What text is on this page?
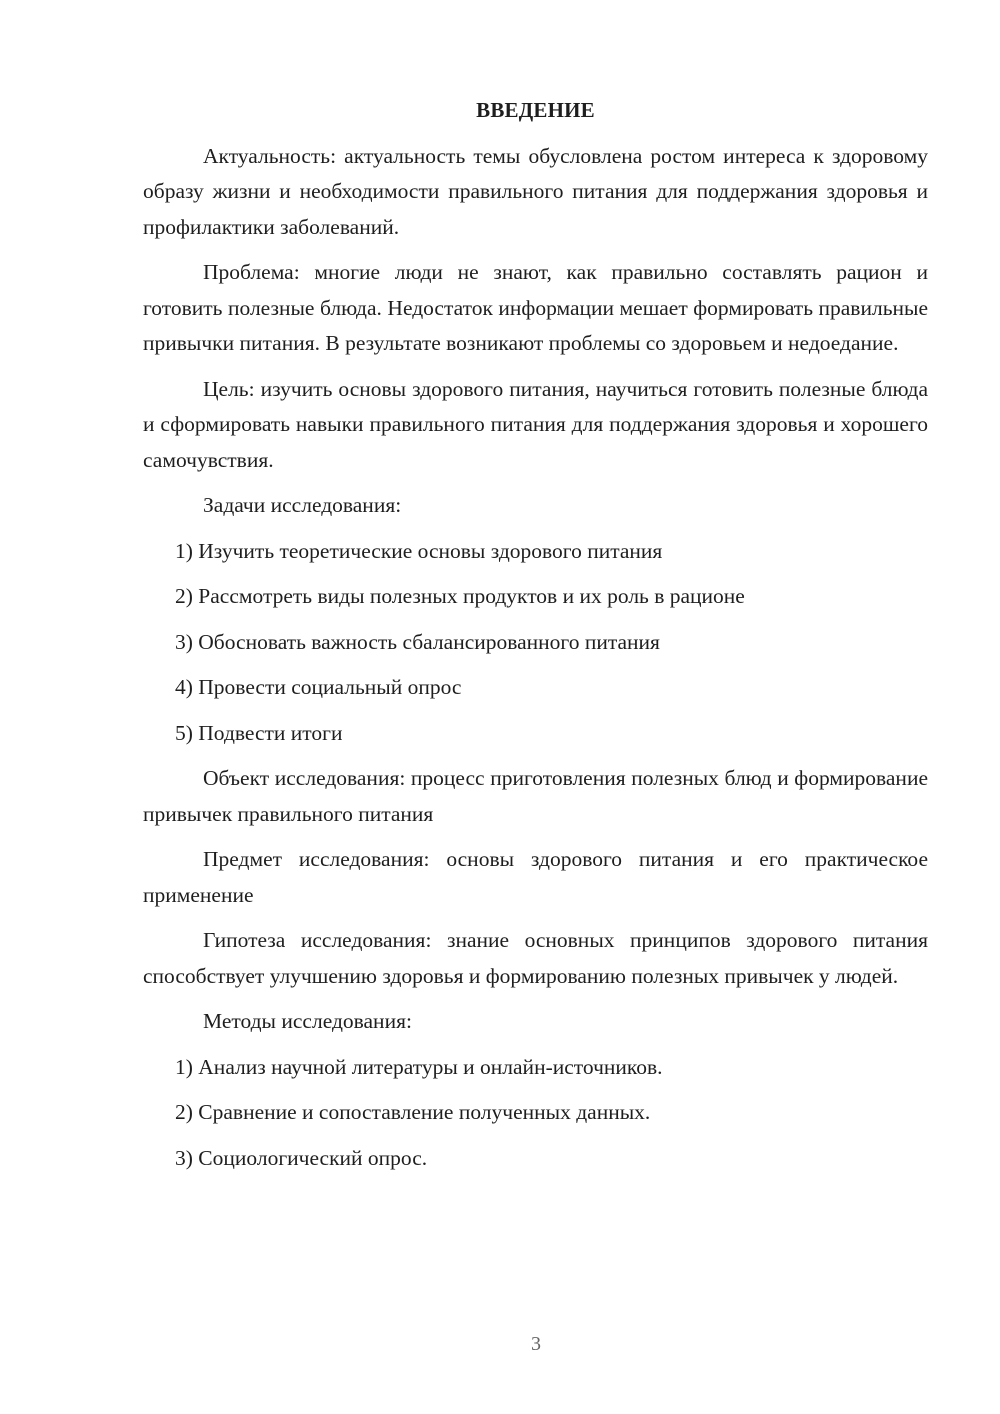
ВВЕДЕНИЕ

Актуальность: актуальность темы обусловлена ростом интереса к здоровому образу жизни и необходимости правильного питания для поддержания здоровья и профилактики заболеваний.

Проблема: многие люди не знают, как правильно составлять рацион и готовить полезные блюда. Недостаток информации мешает формировать правильные привычки питания. В результате возникают проблемы со здоровьем и недоедание.

Цель: изучить основы здорового питания, научиться готовить полезные блюда и сформировать навыки правильного питания для поддержания здоровья и хорошего самочувствия.

Задачи исследования:

1) Изучить теоретические основы здорового питания
2) Рассмотреть виды полезных продуктов и их роль в рационе
3) Обосновать важность сбалансированного питания
4) Провести социальный опрос
5) Подвести итоги

Объект исследования: процесс приготовления полезных блюд и формирование привычек правильного питания

Предмет исследования: основы здорового питания и его практическое применение

Гипотеза исследования: знание основных принципов здорового питания способствует улучшению здоровья и формированию полезных привычек у людей.

Методы исследования:

1) Анализ научной литературы и онлайн-источников.
2) Сравнение и сопоставление полученных данных.
3) Социологический опрос.
3
